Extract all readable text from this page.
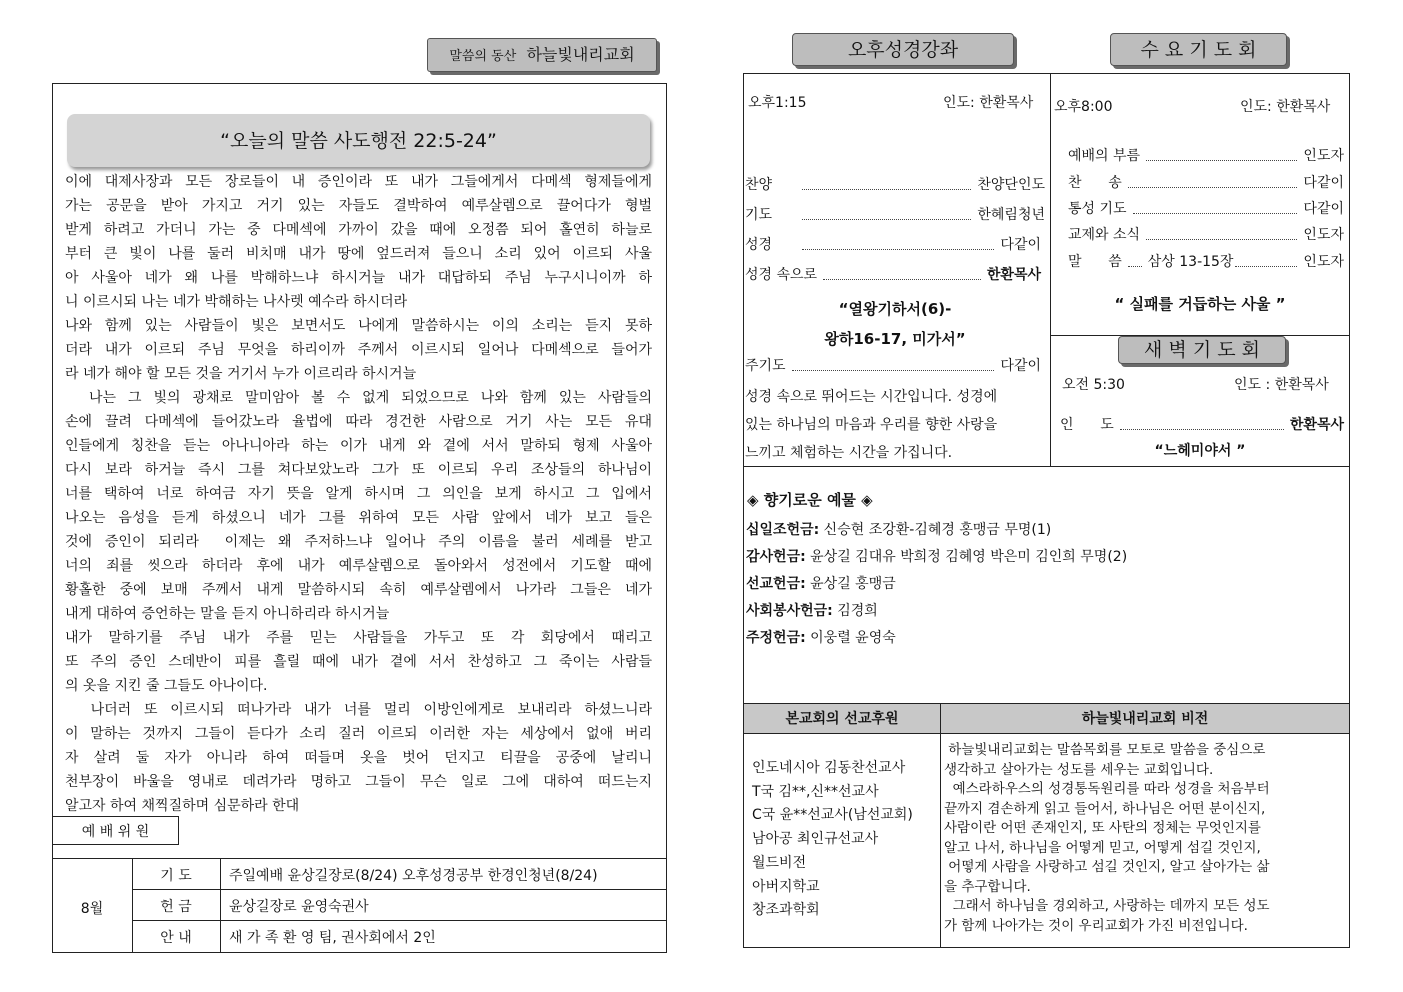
말씀의 동산 하늘빛내리교회
“오늘의 말씀 사도행전 22:5-24”
이에 대제사장과 모든 장로들이 내 증인이라 또 내가 그들에게서 다메섹 형제들에게
가는 공문을 받아 가지고 거기 있는 자들도 결박하여 예루살렘으로 끌어다가 형벌
받게 하려고 가더니 가는 중 다메섹에 가까이 갔을 때에 오정쯤 되어 홀연히 하늘로
부터 큰 빛이 나를 둘러 비치매 내가 땅에 엎드러져 들으니 소리 있어 이르되 사울
아 사울아 네가 왜 나를 박해하느냐 하시거늘 내가 대답하되 주님 누구시니이까 하
니 이르시되 나는 네가 박해하는 나사렛 예수라 하시더라
나와 함께 있는 사람들이 빛은 보면서도 나에게 말씀하시는 이의 소리는 듣지 못하
더라 내가 이르되 주님 무엇을 하리이까 주께서 이르시되 일어나 다메섹으로 들어가
라 네가 해야 할 모든 것을 거기서 누가 이르리라 하시거늘
나는 그 빛의 광채로 말미암아 볼 수 없게 되었으므로 나와 함께 있는 사람들의
손에 끌려 다메섹에 들어갔노라 율법에 따라 경건한 사람으로 거기 사는 모든 유대
인들에게 칭찬을 듣는 아나니아라 하는 이가 내게 와 곁에 서서 말하되 형제 사울아
다시 보라 하거늘 즉시 그를 쳐다보았노라 그가 또 이르되 우리 조상들의 하나님이
너를 택하여 너로 하여금 자기 뜻을 알게 하시며 그 의인을 보게 하시고 그 입에서
나오는 음성을 듣게 하셨으니 네가 그를 위하여 모든 사람 앞에서 네가 보고 들은
것에 증인이 되리라  이제는 왜 주저하느냐 일어나 주의 이름을 불러 세례를 받고
너의 죄를 씻으라 하더라 후에 내가 예루살렘으로 돌아와서 성전에서 기도할 때에
황홀한 중에 보매 주께서 내게 말씀하시되 속히 예루살렘에서 나가라 그들은 네가
내게 대하여 증언하는 말을 듣지 아니하리라 하시거늘
내가 말하기를 주님 내가 주를 믿는 사람들을 가두고 또 각 회당에서 때리고
또 주의 증인 스데반이 피를 흘릴 때에 내가 곁에 서서 찬성하고 그 죽이는 사람들
의 옷을 지킨 줄 그들도 아나이다.
나더러 또 이르시되 떠나가라 내가 너를 멀리 이방인에게로 보내리라 하셨느니라
이 말하는 것까지 그들이 듣다가 소리 질러 이르되 이러한 자는 세상에서 없애 버리
자 살려 둘 자가 아니라 하여 떠들며 옷을 벗어 던지고 티끌을 공중에 날리니
천부장이 바울을 영내로 데려가라 명하고 그들이 무슨 일로 그에 대하여 떠드는지
알고자 하여 채찍질하며 심문하라 한대
예 배 위 원
8월
기 도	주일예배 윤상길장로(8/24) 오후성경공부 한경인청년(8/24)
헌 금	윤상길장로 윤영숙권사
안 내	새 가 족 환 영 팀, 권사회에서 2인
오후성경강좌	수 요 기 도 회
오후1:15	인도: 한환목사
찬양	찬양단인도
기도	한혜림청년
성경	다같이
성경 속으로	한환목사
“열왕기하서(6)-
왕하16-17, 미가서”
주기도	다같이
성경 속으로 뛰어드는 시간입니다. 성경에
있는 하나님의 마음과 우리를 향한 사랑을
느끼고 체험하는 시간을 가집니다.
오후8:00	인도: 한환목사
예배의 부름	인도자
찬      송	다같이
통성 기도	다같이
교제와 소식	인도자
말      씀 삼상 13-15장	인도자
“ 실패를 거듭하는 사울 ”
새 벽 기 도 회
오전 5:30	인도 : 한환목사
인      도	한환목사
“느헤미야서 ”
◈ 향기로운 예물 ◈
십일조헌금: 신승현 조강환-김혜경 홍맹금 무명(1)
감사헌금: 윤상길 김대유 박희정 김혜영 박은미 김인희 무명(2)
선교헌금: 윤상길 홍맹금
사회봉사헌금: 김경희
주정헌금: 이웅렬 윤영숙
본교회의 선교후원	하늘빛내리교회 비전
인도네시아 김동찬선교사
T국 김**,신**선교사
C국 윤**선교사(남선교회)
남아공 최인규선교사
월드비전
아버지학교
창조과학회
하늘빛내리교회는 말씀목회를 모토로 말씀을 중심으로
생각하고 살아가는 성도를 세우는 교회입니다.
예스라하우스의 성경통독원리를 따라 성경을 처음부터
끝까지 겸손하게 읽고 들어서, 하나님은 어떤 분이신지,
사람이란 어떤 존재인지, 또 사탄의 정체는 무엇인지를
알고 나서, 하나님을 어떻게 믿고, 어떻게 섬길 것인지,
어떻게 사람을 사랑하고 섬길 것인지, 알고 살아가는 삶
을 추구합니다.
그래서 하나님을 경외하고, 사랑하는 데까지 모든 성도
가 함께 나아가는 것이 우리교회가 가진 비전입니다.
